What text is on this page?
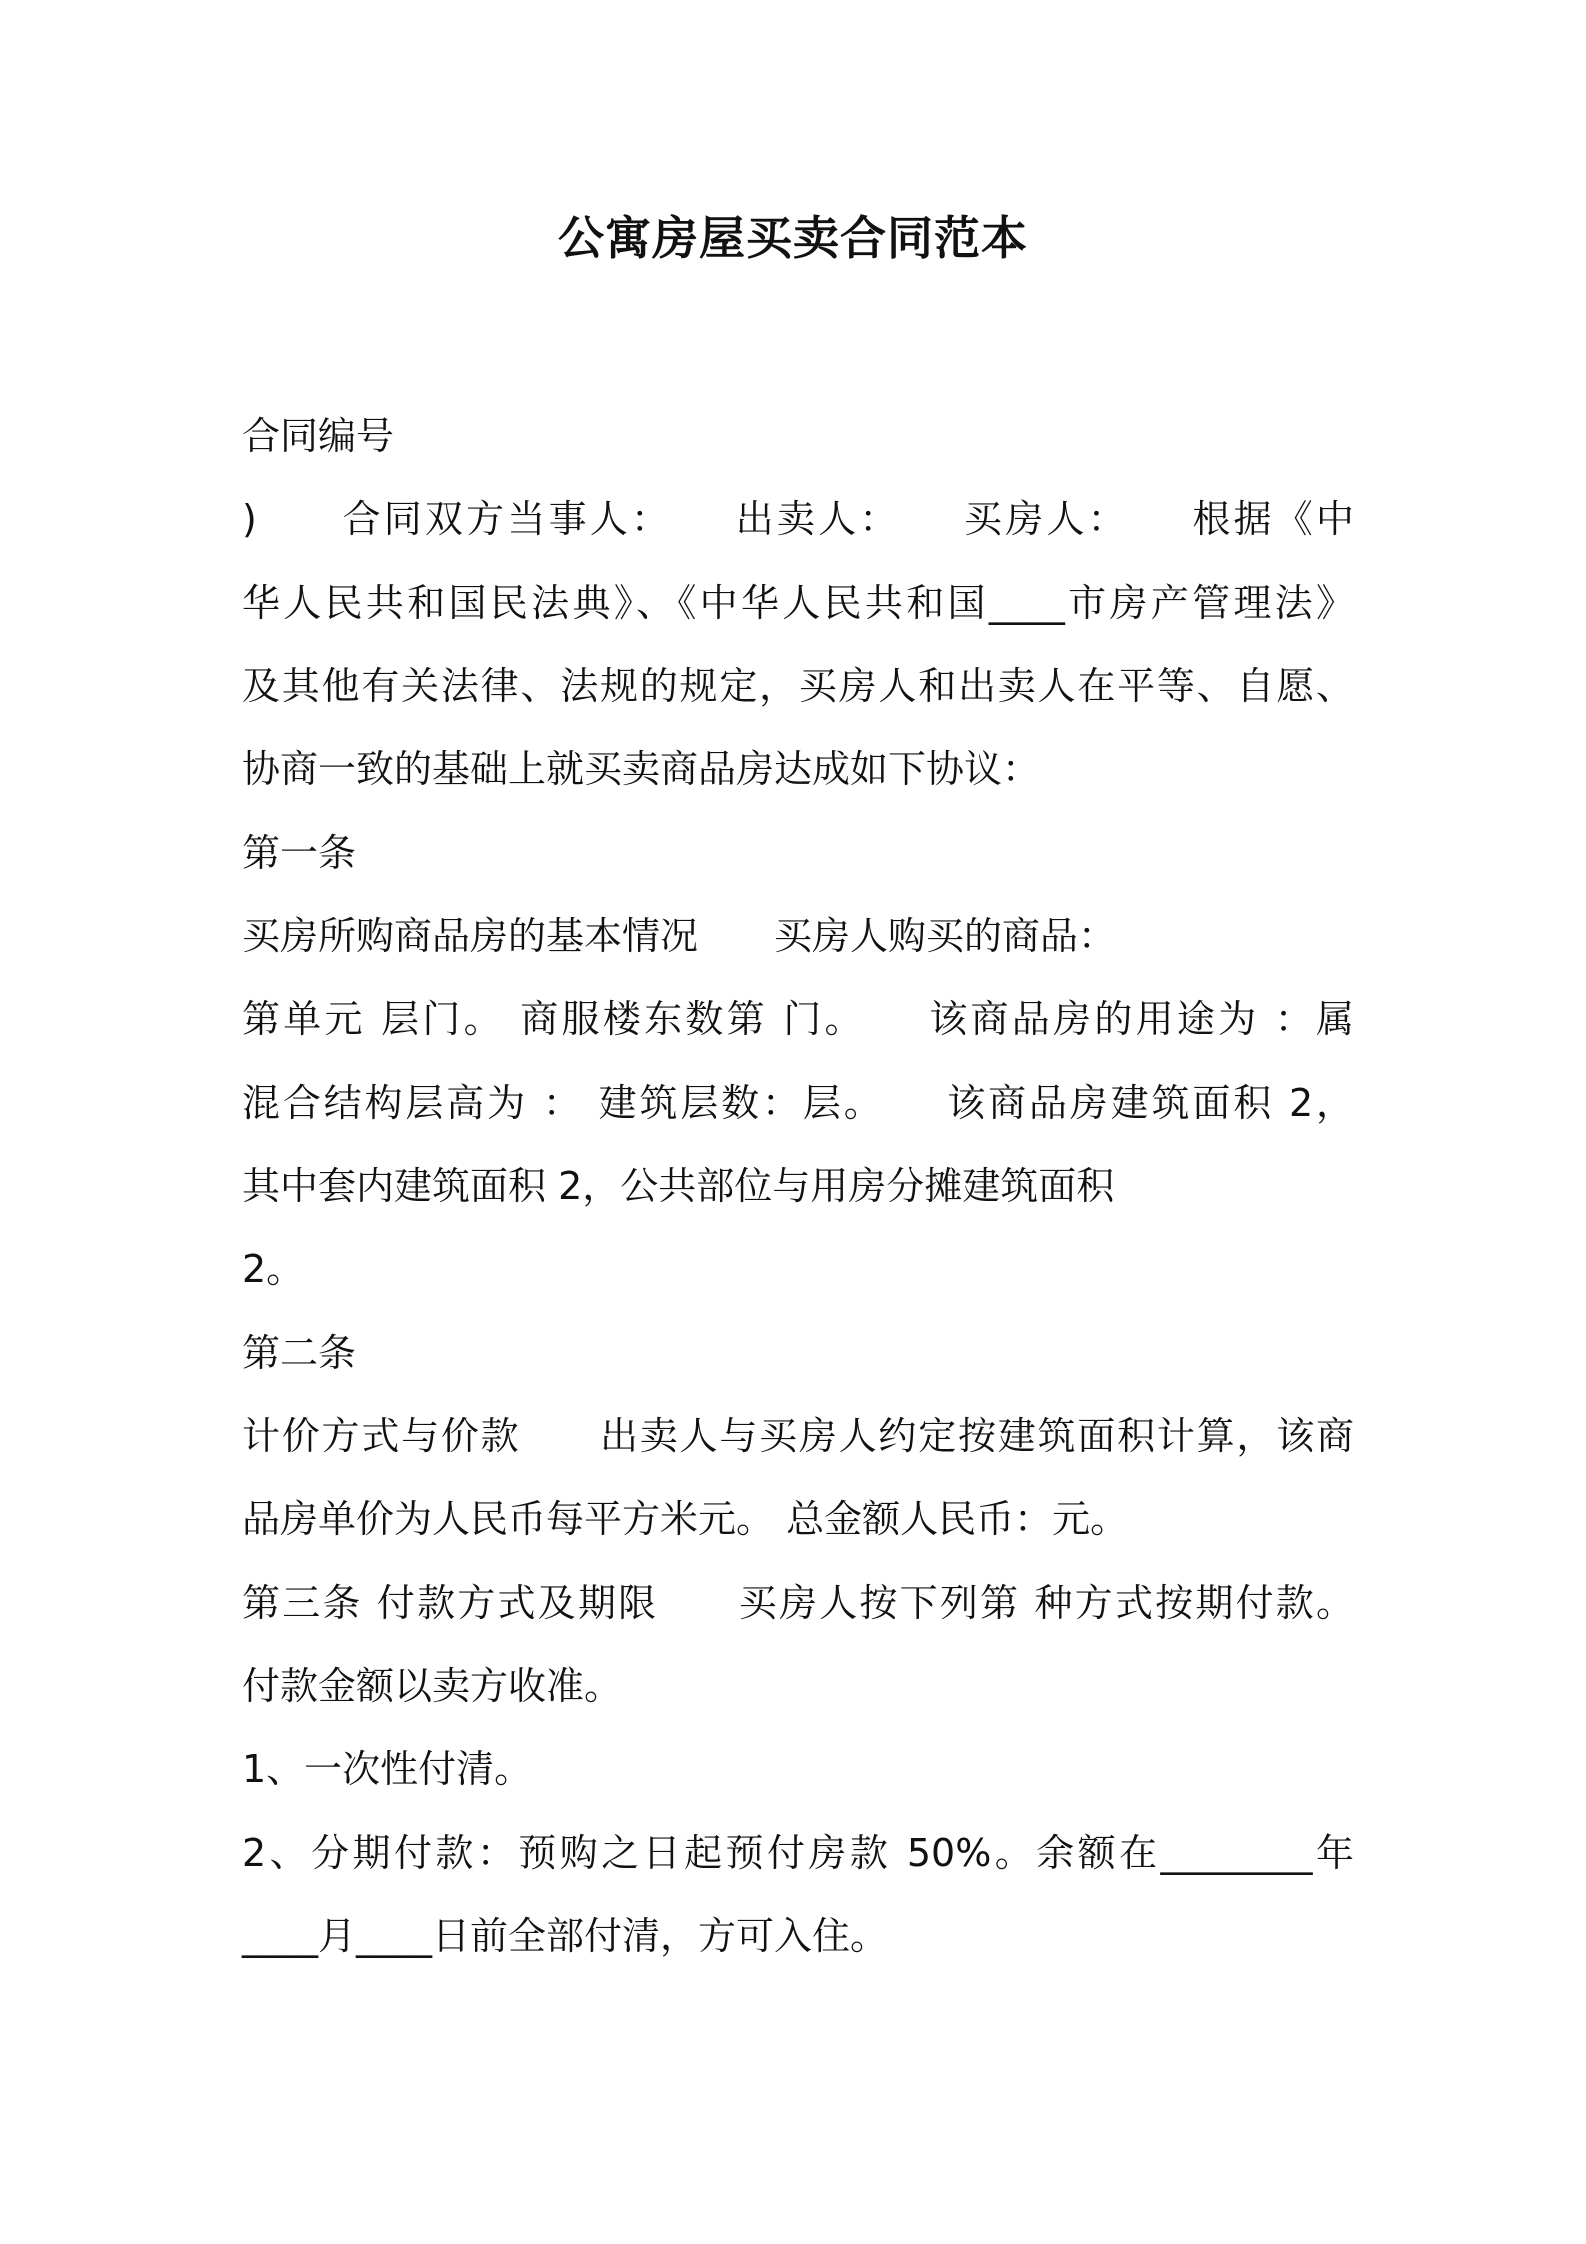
公寓房屋买卖合同范本
合同编号
)　　合同双方当事人：　　出卖人：　　买房人：　　根据《中
华人民共和国民法典》、《中华人民共和国____市房产管理法》
及其他有关法律、法规的规定，买房人和出卖人在平等、自愿、
协商一致的基础上就买卖商品房达成如下协议：
第一条
买房所购商品房的基本情况　　买房人购买的商品：
第单元 层门。 商服楼东数第 门。　　该商品房的用途为 ：属
混合结构层高为 ： 建筑层数：层。　　该商品房建筑面积 2，
其中套内建筑面积 2，公共部位与用房分摊建筑面积
2。
第二条
计价方式与价款　　出卖人与买房人约定按建筑面积计算，该商
品房单价为人民币每平方米元。 总金额人民币：元。
第三条 付款方式及期限　　买房人按下列第 种方式按期付款。
付款金额以卖方收准。
1、一次性付清。
2、分期付款：预购之日起预付房款 50%。余额在________年
____月____日前全部付清，方可入住。
